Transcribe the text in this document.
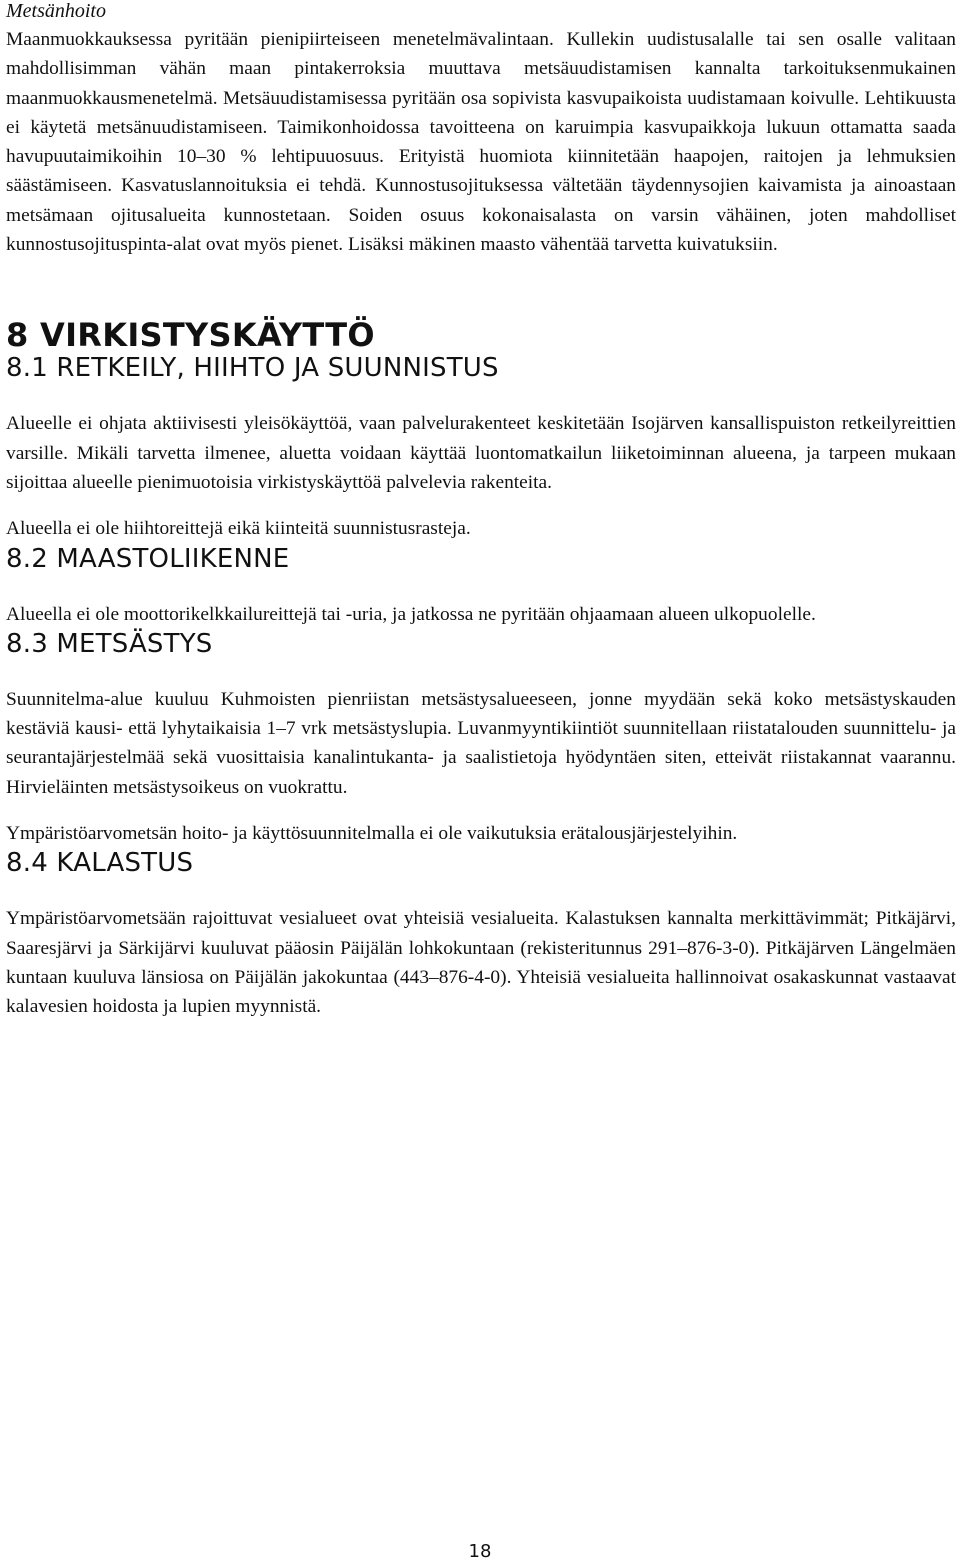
Metsänhoito

Maanmuokkauksessa pyritään pienipiirteiseen menetelmävalintaan. Kullekin uudistusalalle tai sen osalle valitaan mahdollisimman vähän maan pintakerroksia muuttava metsäuudistamisen kannalta tarkoituksenmukainen maanmuokkausmenetelmä. Metsäuudistamisessa pyritään osa sopivista kasvupaikoista uudistamaan koivulle. Lehtikuusta ei käytetä metsänuudistamiseen. Taimikonhoidossa tavoitteena on karuimpia kasvupaikkoja lukuun ottamatta saada havupuutaimikoihin 10–30 % lehtipuuosuus. Erityistä huomiota kiinnitetään haapojen, raitojen ja lehmuksien säästämiseen. Kasvatuslannoituksia ei tehdä. Kunnostusojituksessa vältetään täydennysojien kaivamista ja ainoastaan metsämaan ojitusalueita kunnostetaan. Soiden osuus kokonaisalasta on varsin vähäinen, joten mahdolliset kunnostusojituspinta-alat ovat myös pienet. Lisäksi mäkinen maasto vähentää tarvetta kuivatuksiin.

8 VIRKISTYSKÄYTTÖ
8.1 RETKEILY, HIIHTO JA SUUNNISTUS

Alueelle ei ohjata aktiivisesti yleisökäyttöä, vaan palvelurakenteet keskitetään Isojärven kansallispuiston retkeilyreittien varsille. Mikäli tarvetta ilmenee, aluetta voidaan käyttää luontomatkailun liiketoiminnan alueena, ja tarpeen mukaan sijoittaa alueelle pienimuotoisia virkistyskäyttöä palvelevia rakenteita.

Alueella ei ole hiihtoreittejä eikä kiinteitä suunnistusrasteja.

8.2 MAASTOLIIKENNE

Alueella ei ole moottorikelkkailureittejä tai -uria, ja jatkossa ne pyritään ohjaamaan alueen ulkopuolelle.

8.3 METSÄSTYS

Suunnitelma-alue kuuluu Kuhmoisten pienriistan metsästysalueeseen, jonne myydään sekä koko metsästyskauden kestäviä kausi- että lyhytaikaisia 1–7 vrk metsästyslupia. Luvanmyyntikiintiöt suunnitellaan riistatalouden suunnittelu- ja seurantajärjestelmää sekä vuosittaisia kanalintukanta- ja saalistietoja hyödyntäen siten, etteivät riistakannat vaarannu. Hirvieläinten metsästysoikeus on vuokrattu.

Ympäristöarvometsän hoito- ja käyttösuunnitelmalla ei ole vaikutuksia erätalousjärjestelyihin.

8.4 KALASTUS

Ympäristöarvometsään rajoittuvat vesialueet ovat yhteisiä vesialueita. Kalastuksen kannalta merkittävimmät; Pitkäjärvi, Saaresjärvi ja Särkijärvi kuuluvat pääosin Päijälän lohkokuntaan (rekisteritunnus 291–876-3-0). Pitkäjärven Längelmäen kuntaan kuuluva länsiosa on Päijälän jakokuntaa (443–876-4-0). Yhteisiä vesialueita hallinnoivat osakaskunnat vastaavat kalavesien hoidosta ja lupien myynnistä.

18
